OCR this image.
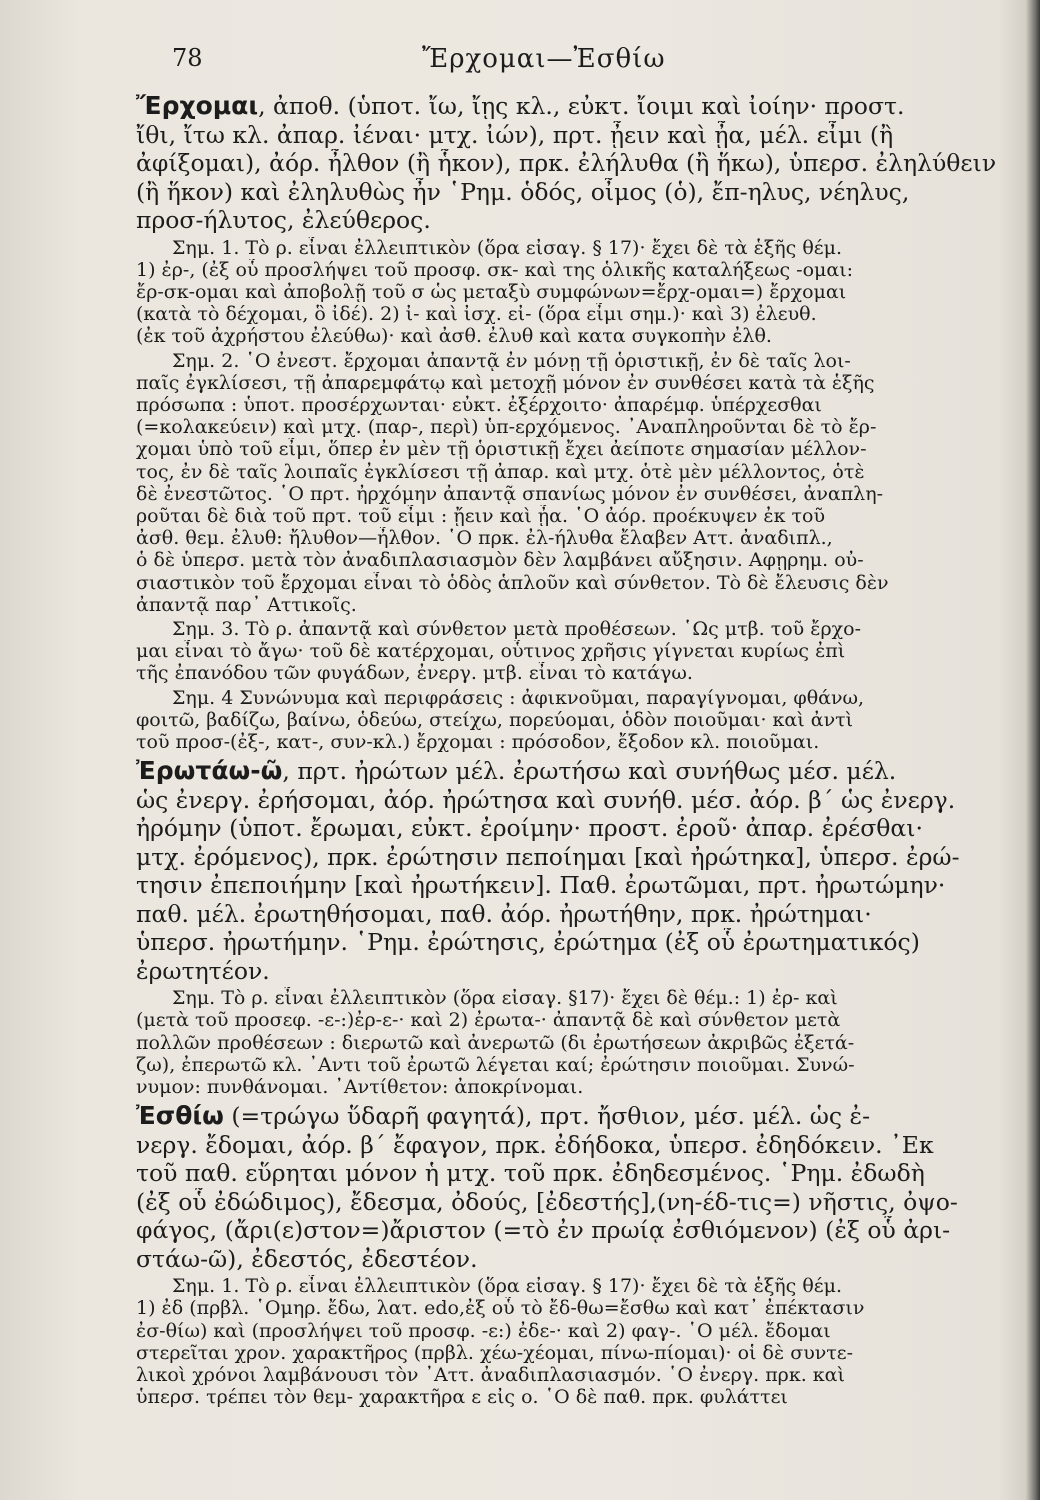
78	Ἔρχομαι—Ἐσθίω
Ἔρχομαι, ἀποθ. (ὑποτ. ἴω, ἴῃς κλ., εὐκτ. ἴοιμι καὶ ἰοίην· προστ.
ἴθι, ἴτω κλ. ἀπαρ. ἰέναι· μτχ. ἰών), πρτ. ᾖειν καὶ ᾖα, μέλ. εἶμι (ἢ
ἀφίξομαι), ἀόρ. ἦλθον (ἢ ἧκον), πρκ. ἐλήλυθα (ἢ ἥκω), ὑπερσ. ἐληλύθειν
(ἢ ἥκον) καὶ ἐληλυθὼς ἦν ῾Ρημ. ὁδός, οἶμος (ὁ), ἔπ-ηλυς, νέηλυς,
προσ-ήλυτος, ἐλεύθερος.
Σημ. 1. Τὸ ρ. εἶναι ἐλλειπτικὸν (ὅρα εἰσαγ. § 17)· ἔχει δὲ τὰ ἑξῆς θέμ.
1) ἐρ-, (ἐξ οὗ προσλήψει τοῦ προσφ. σκ- καὶ της ὁλικῆς καταλήξεως -ομαι:
ἔρ-σκ-ομαι καὶ ἀποβολῇ τοῦ σ ὡς μεταξὺ συμφώνων=ἔρχ-ομαι=) ἔρχομαι
(κατὰ τὸ δέχομαι, ὃ ἰδέ). 2) ἰ- καὶ ἰσχ. εἰ- (ὅρα εἶμι σημ.)· καὶ 3) ἐλευθ.
(ἐκ τοῦ ἀχρήστου ἐλεύθω)· καὶ ἀσθ. ἐλυθ καὶ κατα συγκοπὴν ἐλθ.
Σημ. 2. ῾Ο ἐνεστ. ἔρχομαι ἀπαντᾷ ἐν μόνῃ τῇ ὁριστικῇ, ἐν δὲ ταῖς λοι-
παῖς ἐγκλίσεσι, τῇ ἀπαρεμφάτῳ καὶ μετοχῇ μόνον ἐν συνθέσει κατὰ τὰ ἑξῆς
πρόσωπα : ὑποτ. προσέρχωνται· εὐκτ. ἐξέρχοιτο· ἀπαρέμφ. ὑπέρχεσθαι
(=κολακεύειν) καὶ μτχ. (παρ-, περὶ) ὑπ-ερχόμενος. ᾿Αναπληροῦνται δὲ τὸ ἔρ-
χομαι ὑπὸ τοῦ εἶμι, ὅπερ ἐν μὲν τῇ ὁριστικῇ ἔχει ἀείποτε σημασίαν μέλλον-
τος, ἐν δὲ ταῖς λοιπαῖς ἐγκλίσεσι τῇ ἀπαρ. καὶ μτχ. ὁτὲ μὲν μέλλοντος, ὁτὲ
δὲ ἐνεστῶτος. ῾Ο πρτ. ἠρχόμην ἀπαντᾷ σπανίως μόνον ἐν συνθέσει, ἀναπλη-
ροῦται δὲ διὰ τοῦ πρτ. τοῦ εἶμι : ᾔειν καὶ ᾖα. ῾Ο ἀόρ. προέκυψεν ἐκ τοῦ
ἀσθ. θεμ. ἐλυθ: ἤλυθον—ἦλθον. ῾Ο πρκ. ἐλ-ήλυθα ἔλαβεν Αττ. ἀναδιπλ.,
ὁ δὲ ὑπερσ. μετὰ τὸν ἀναδιπλασιασμὸν δὲν λαμβάνει αὔξησιν. Αφῃρημ. οὐ-
σιαστικὸν τοῦ ἔρχομαι εἶναι τὸ ὁδὸς ἁπλοῦν καὶ σύνθετον. Τὸ δὲ ἔλευσις δὲν
ἀπαντᾷ παρ᾿ Αττικοῖς.
Σημ. 3. Τὸ ρ. ἀπαντᾷ καὶ σύνθετον μετὰ προθέσεων. ῾Ως μτβ. τοῦ ἔρχο-
μαι εἶναι τὸ ἄγω· τοῦ δὲ κατέρχομαι, οὗτινος χρῆσις γίγνεται κυρίως ἐπὶ
τῆς ἐπανόδου τῶν φυγάδων, ἐνεργ. μτβ. εἶναι τὸ κατάγω.
Σημ. 4 Συνώνυμα καὶ περιφράσεις : ἀφικνοῦμαι, παραγίγνομαι, φθάνω,
φοιτῶ, βαδίζω, βαίνω, ὁδεύω, στείχω, πορεύομαι, ὁδὸν ποιοῦμαι· καὶ ἀντὶ
τοῦ προσ-(ἐξ-, κατ-, συν-κλ.) ἔρχομαι : πρόσοδον, ἔξοδον κλ. ποιοῦμαι.
Ἐρωτάω-ῶ, πρτ. ἠρώτων μέλ. ἐρωτήσω καὶ συνήθως μέσ. μέλ.
ὡς ἐνεργ. ἐρήσομαι, ἀόρ. ἠρώτησα καὶ συνήθ. μέσ. ἀόρ. β΄ ὡς ἐνεργ.
ἠρόμην (ὑποτ. ἔρωμαι, εὐκτ. ἐροίμην· προστ. ἐροῦ· ἀπαρ. ἐρέσθαι·
μτχ. ἐρόμενος), πρκ. ἐρώτησιν πεποίημαι [καὶ ἠρώτηκα], ὑπερσ. ἐρώ-
τησιν ἐπεποιήμην [καὶ ἠρωτήκειν]. Παθ. ἐρωτῶμαι, πρτ. ἠρωτώμην·
παθ. μέλ. ἐρωτηθήσομαι, παθ. ἀόρ. ἠρωτήθην, πρκ. ἠρώτημαι·
ὑπερσ. ἠρωτήμην. ῾Ρημ. ἐρώτησις, ἐρώτημα (ἐξ οὗ ἐρωτηματικός)
ἐρωτητέον.
Σημ. Τὸ ρ. εἶναι ἐλλειπτικὸν (ὅρα εἰσαγ. §17)· ἔχει δὲ θέμ.: 1) ἐρ- καὶ
(μετὰ τοῦ προσεφ. -ε-:)ἐρ-ε-· καὶ 2) ἐρωτα-· ἀπαντᾷ δὲ καὶ σύνθετον μετὰ
πολλῶν προθέσεων : διερωτῶ καὶ ἀνερωτῶ (δι ἐρωτήσεων ἀκριβῶς ἐξετά-
ζω), ἐπερωτῶ κλ. ᾿Αντι τοῦ ἐρωτῶ λέγεται καί; ἐρώτησιν ποιοῦμαι. Συνώ-
νυμον: πυνθάνομαι. ᾿Αντίθετον: ἀποκρίνομαι.
Ἐσθίω (=τρώγω ὕδαρῆ φαγητά), πρτ. ἤσθιον, μέσ. μέλ. ὡς ἐ-
νεργ. ἔδομαι, ἀόρ. β΄ ἔφαγον, πρκ. ἐδήδοκα, ὑπερσ. ἐδηδόκειν. ᾿Εκ
τοῦ παθ. εὕρηται μόνον ἡ μτχ. τοῦ πρκ. ἐδηδεσμένος. ῾Ρημ. ἐδωδὴ
(ἐξ οὗ ἐδώδιμος), ἔδεσμα, ὀδούς, [ἐδεστής],(νη-έδ-τις=) νῆστις, ὀψο-
φάγος, (ἄρι(ε)στον=)ἄριστον (=τὸ ἐν πρωίᾳ ἐσθιόμενον) (ἐξ οὗ ἀρι-
στάω-ῶ), ἐδεστός, ἐδεστέον.
Σημ. 1. Τὸ ρ. εἶναι ἐλλειπτικὸν (ὅρα εἰσαγ. § 17)· ἔχει δὲ τὰ ἑξῆς θέμ.
1) ἐδ (πρβλ. ῾Ομηρ. ἔδω, λατ. edo,ἐξ οὗ τὸ ἔδ-θω=ἔσθω καὶ κατ᾿ ἐπέκτασιν
ἐσ-θίω) καὶ (προσλήψει τοῦ προσφ. -ε:) ἐδε-· καὶ 2) φαγ-. ῾Ο μέλ. ἔδομαι
στερεῖται χρον. χαρακτῆρος (πρβλ. χέω-χέομαι, πίνω-πίομαι)· οἱ δὲ συντε-
λικοὶ χρόνοι λαμβάνουσι τὸν ᾿Αττ. ἀναδιπλασιασμόν. ῾Ο ἐνεργ. πρκ. καὶ
ὑπερσ. τρέπει τὸν θεμ- χαρακτῆρα ε εἰς ο. ῾Ο δὲ παθ. πρκ. φυλάττει
